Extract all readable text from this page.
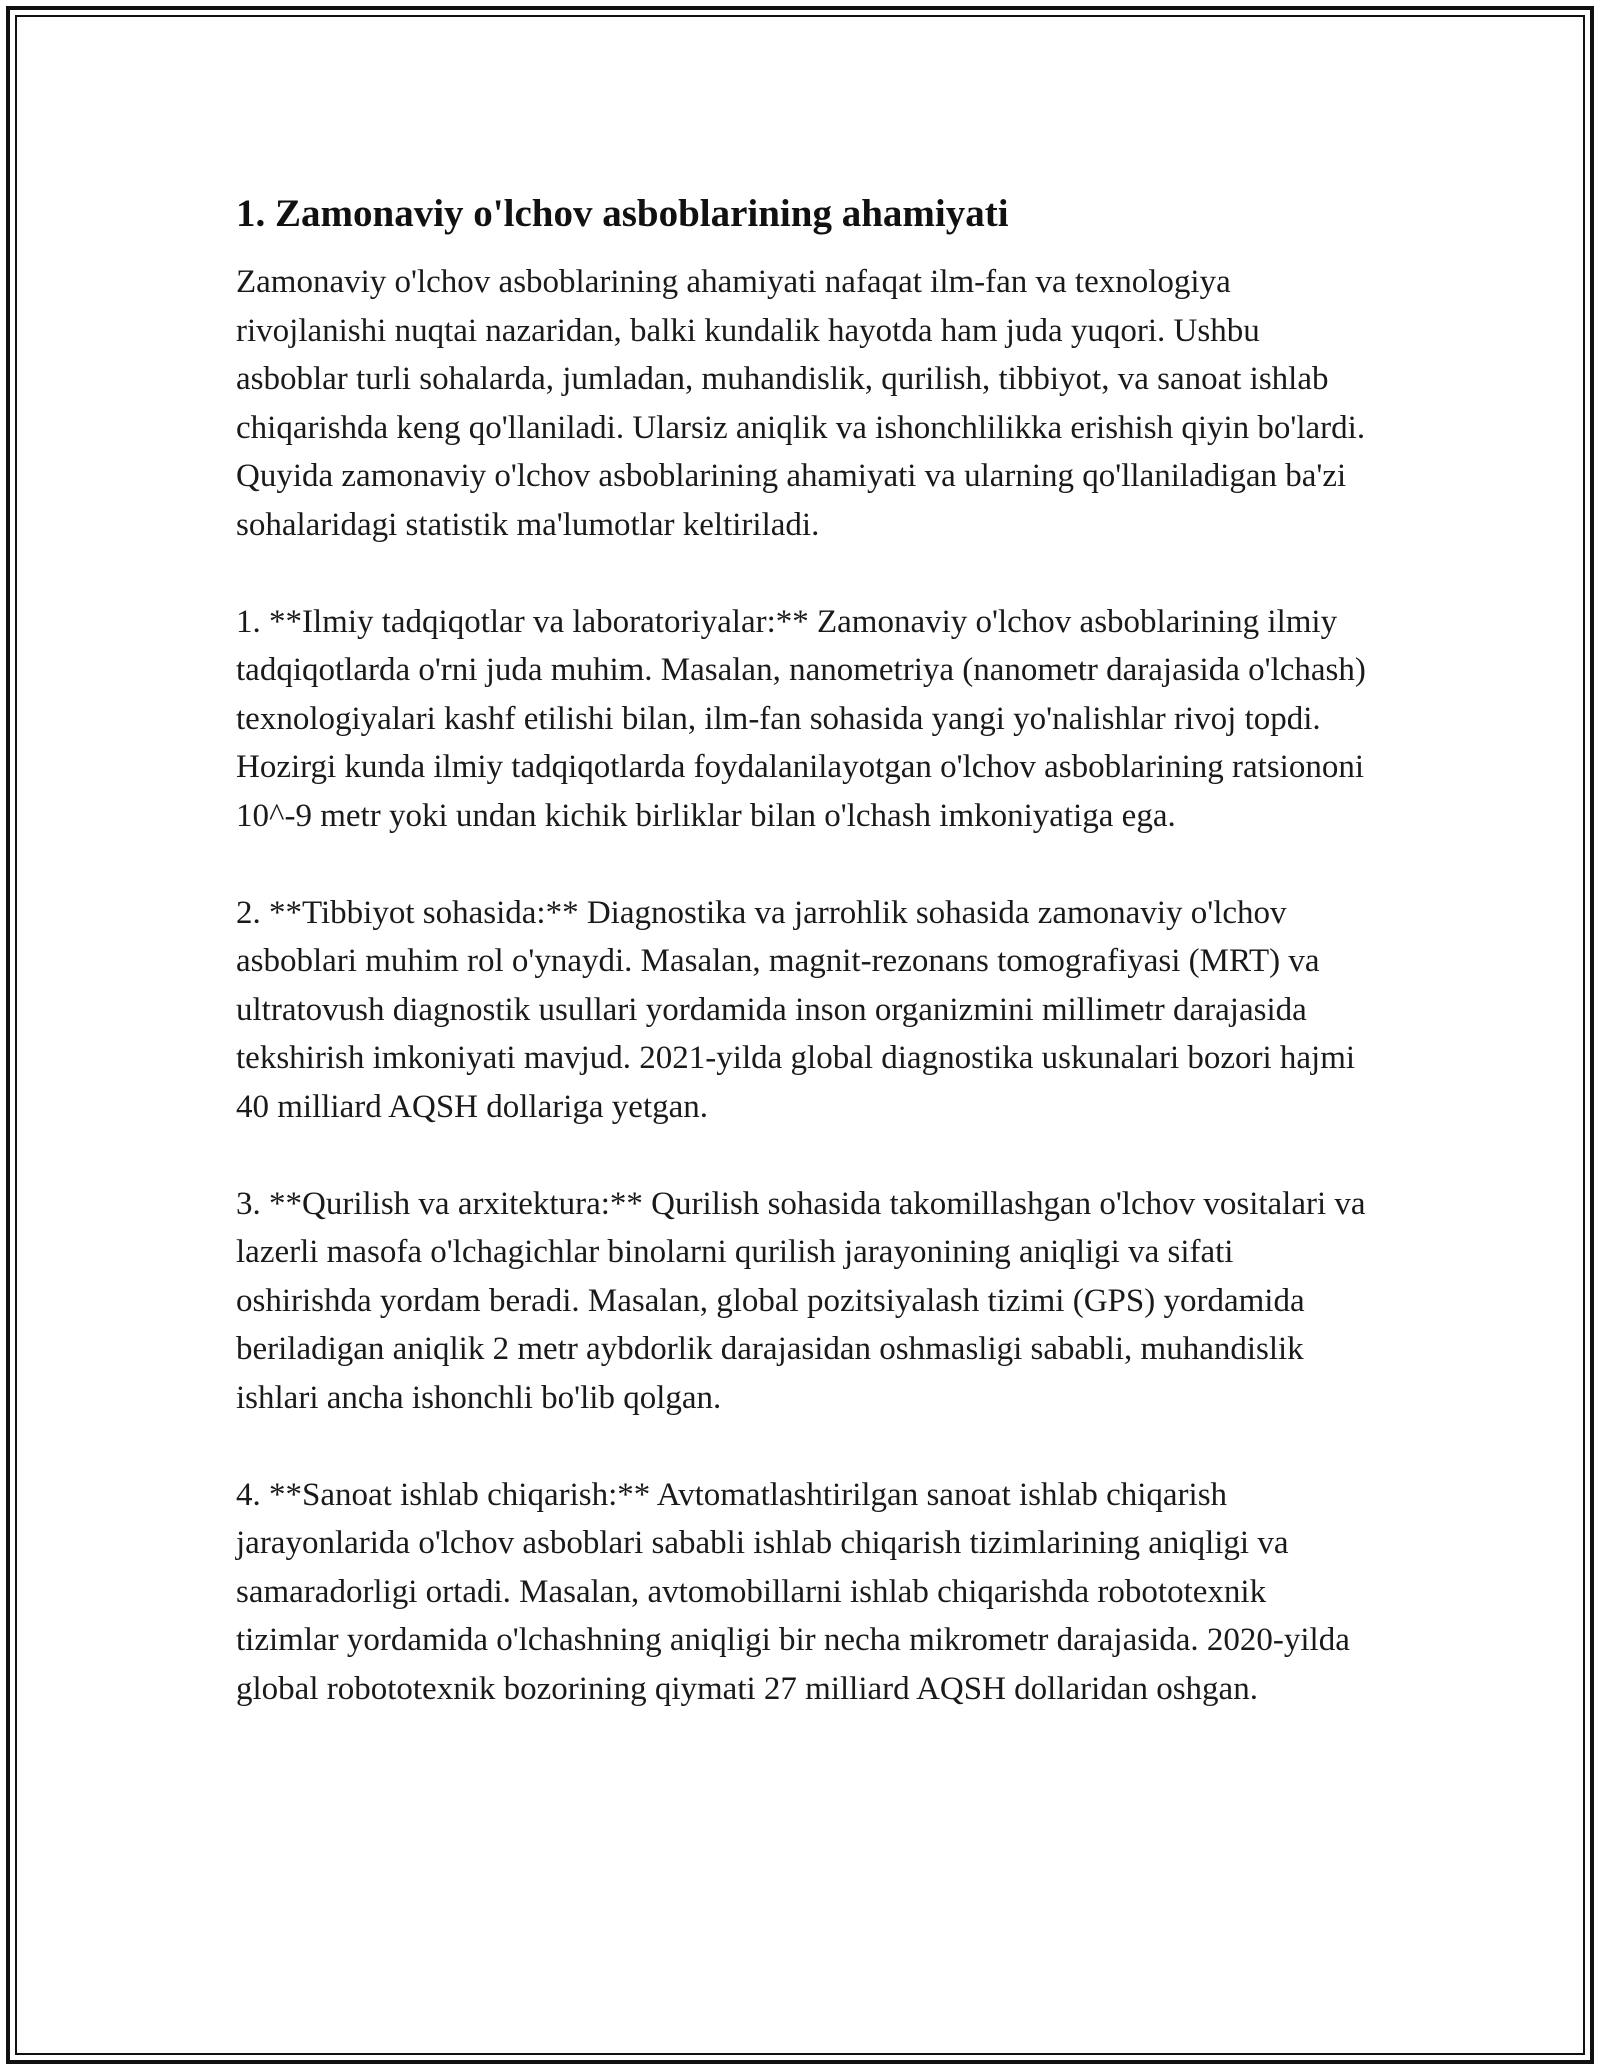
1. Zamonaviy o'lchov asboblarining ahamiyati

Zamonaviy o'lchov asboblarining ahamiyati nafaqat ilm-fan va texnologiya rivojlanishi nuqtai nazaridan, balki kundalik hayotda ham juda yuqori. Ushbu asboblar turli sohalarda, jumladan, muhandislik, qurilish, tibbiyot, va sanoat ishlab chiqarishda keng qo'llaniladi. Ularsiz aniqlik va ishonchlilikka erishish qiyin bo'lardi. Quyida zamonaviy o'lchov asboblarining ahamiyati va ularning qo'llaniladigan ba'zi sohalaridagi statistik ma'lumotlar keltiriladi.

1. **Ilmiy tadqiqotlar va laboratoriyalar:** Zamonaviy o'lchov asboblarining ilmiy tadqiqotlarda o'rni juda muhim. Masalan, nanometriya (nanometr darajasida o'lchash) texnologiyalari kashf etilishi bilan, ilm-fan sohasida yangi yo'nalishlar rivoj topdi. Hozirgi kunda ilmiy tadqiqotlarda foydalanilayotgan o'lchov asboblarining ratsiononi 10^-9 metr yoki undan kichik birliklar bilan o'lchash imkoniyatiga ega.

2. **Tibbiyot sohasida:** Diagnostika va jarrohlik sohasida zamonaviy o'lchov asboblari muhim rol o'ynaydi. Masalan, magnit-rezonans tomografiyasi (MRT) va ultratovush diagnostik usullari yordamida inson organizmini millimetr darajasida tekshirish imkoniyati mavjud. 2021-yilda global diagnostika uskunalari bozori hajmi 40 milliard AQSH dollariga yetgan.

3. **Qurilish va arxitektura:** Qurilish sohasida takomillashgan o'lchov vositalari va lazerli masofa o'lchagichlar binolarni qurilish jarayonining aniqligi va sifati oshirishda yordam beradi. Masalan, global pozitsiyalash tizimi (GPS) yordamida beriladigan aniqlik 2 metr aybdorlik darajasidan oshmasligi sababli, muhandislik ishlari ancha ishonchli bo'lib qolgan.

4. **Sanoat ishlab chiqarish:** Avtomatlashtirilgan sanoat ishlab chiqarish jarayonlarida o'lchov asboblari sababli ishlab chiqarish tizimlarining aniqligi va samaradorligi ortadi. Masalan, avtomobillarni ishlab chiqarishda robototexnik tizimlar yordamida o'lchashning aniqligi bir necha mikrometr darajasida. 2020-yilda global robototexnik bozorining qiymati 27 milliard AQSH dollaridan oshgan.
